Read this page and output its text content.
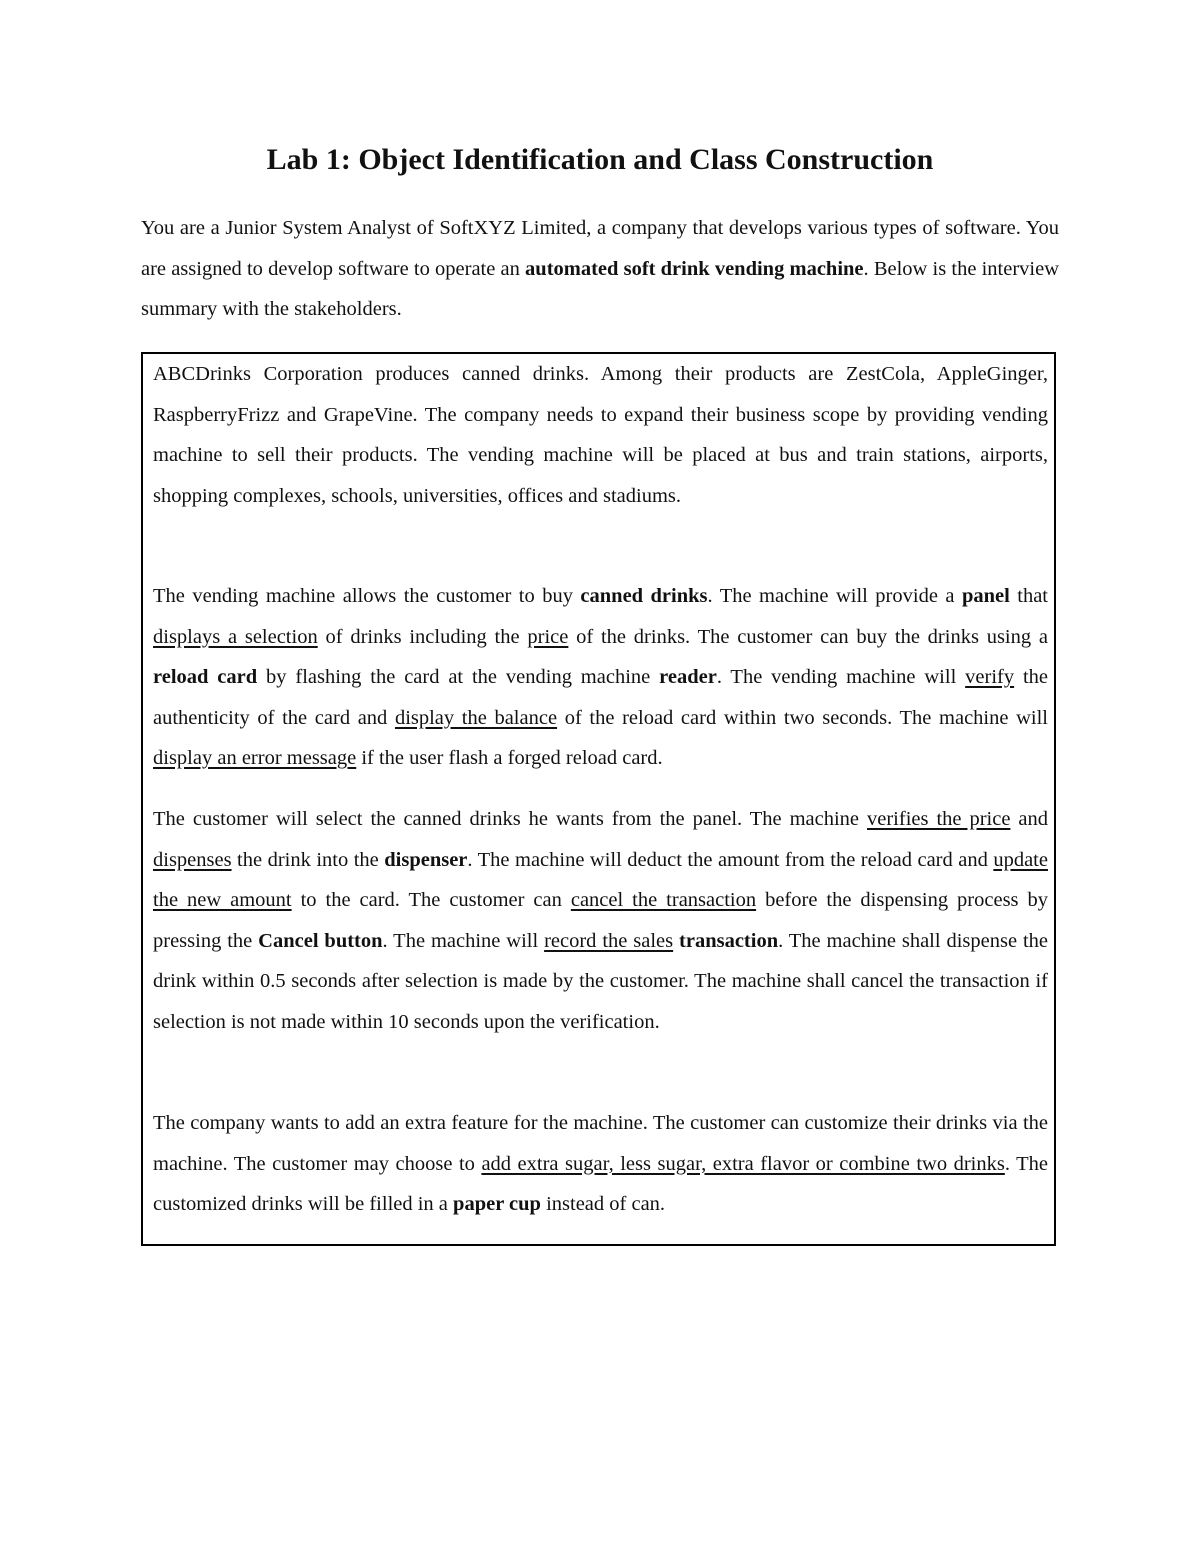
Lab 1: Object Identification and Class Construction

You are a Junior System Analyst of SoftXYZ Limited, a company that develops various types of software. You are assigned to develop software to operate an automated soft drink vending machine. Below is the interview summary with the stakeholders.

ABCDrinks Corporation produces canned drinks. Among their products are ZestCola, AppleGinger, RaspberryFrizz and GrapeVine. The company needs to expand their business scope by providing vending machine to sell their products. The vending machine will be placed at bus and train stations, airports, shopping complexes, schools, universities, offices and stadiums.

The vending machine allows the customer to buy canned drinks. The machine will provide a panel that displays a selection of drinks including the price of the drinks. The customer can buy the drinks using a reload card by flashing the card at the vending machine reader. The vending machine will verify the authenticity of the card and display the balance of the reload card within two seconds. The machine will display an error message if the user flash a forged reload card.

The customer will select the canned drinks he wants from the panel. The machine verifies the price and dispenses the drink into the dispenser. The machine will deduct the amount from the reload card and update the new amount to the card. The customer can cancel the transaction before the dispensing process by pressing the Cancel button. The machine will record the sales transaction. The machine shall dispense the drink within 0.5 seconds after selection is made by the customer. The machine shall cancel the transaction if selection is not made within 10 seconds upon the verification.

The company wants to add an extra feature for the machine. The customer can customize their drinks via the machine. The customer may choose to add extra sugar, less sugar, extra flavor or combine two drinks. The customized drinks will be filled in a paper cup instead of can.
